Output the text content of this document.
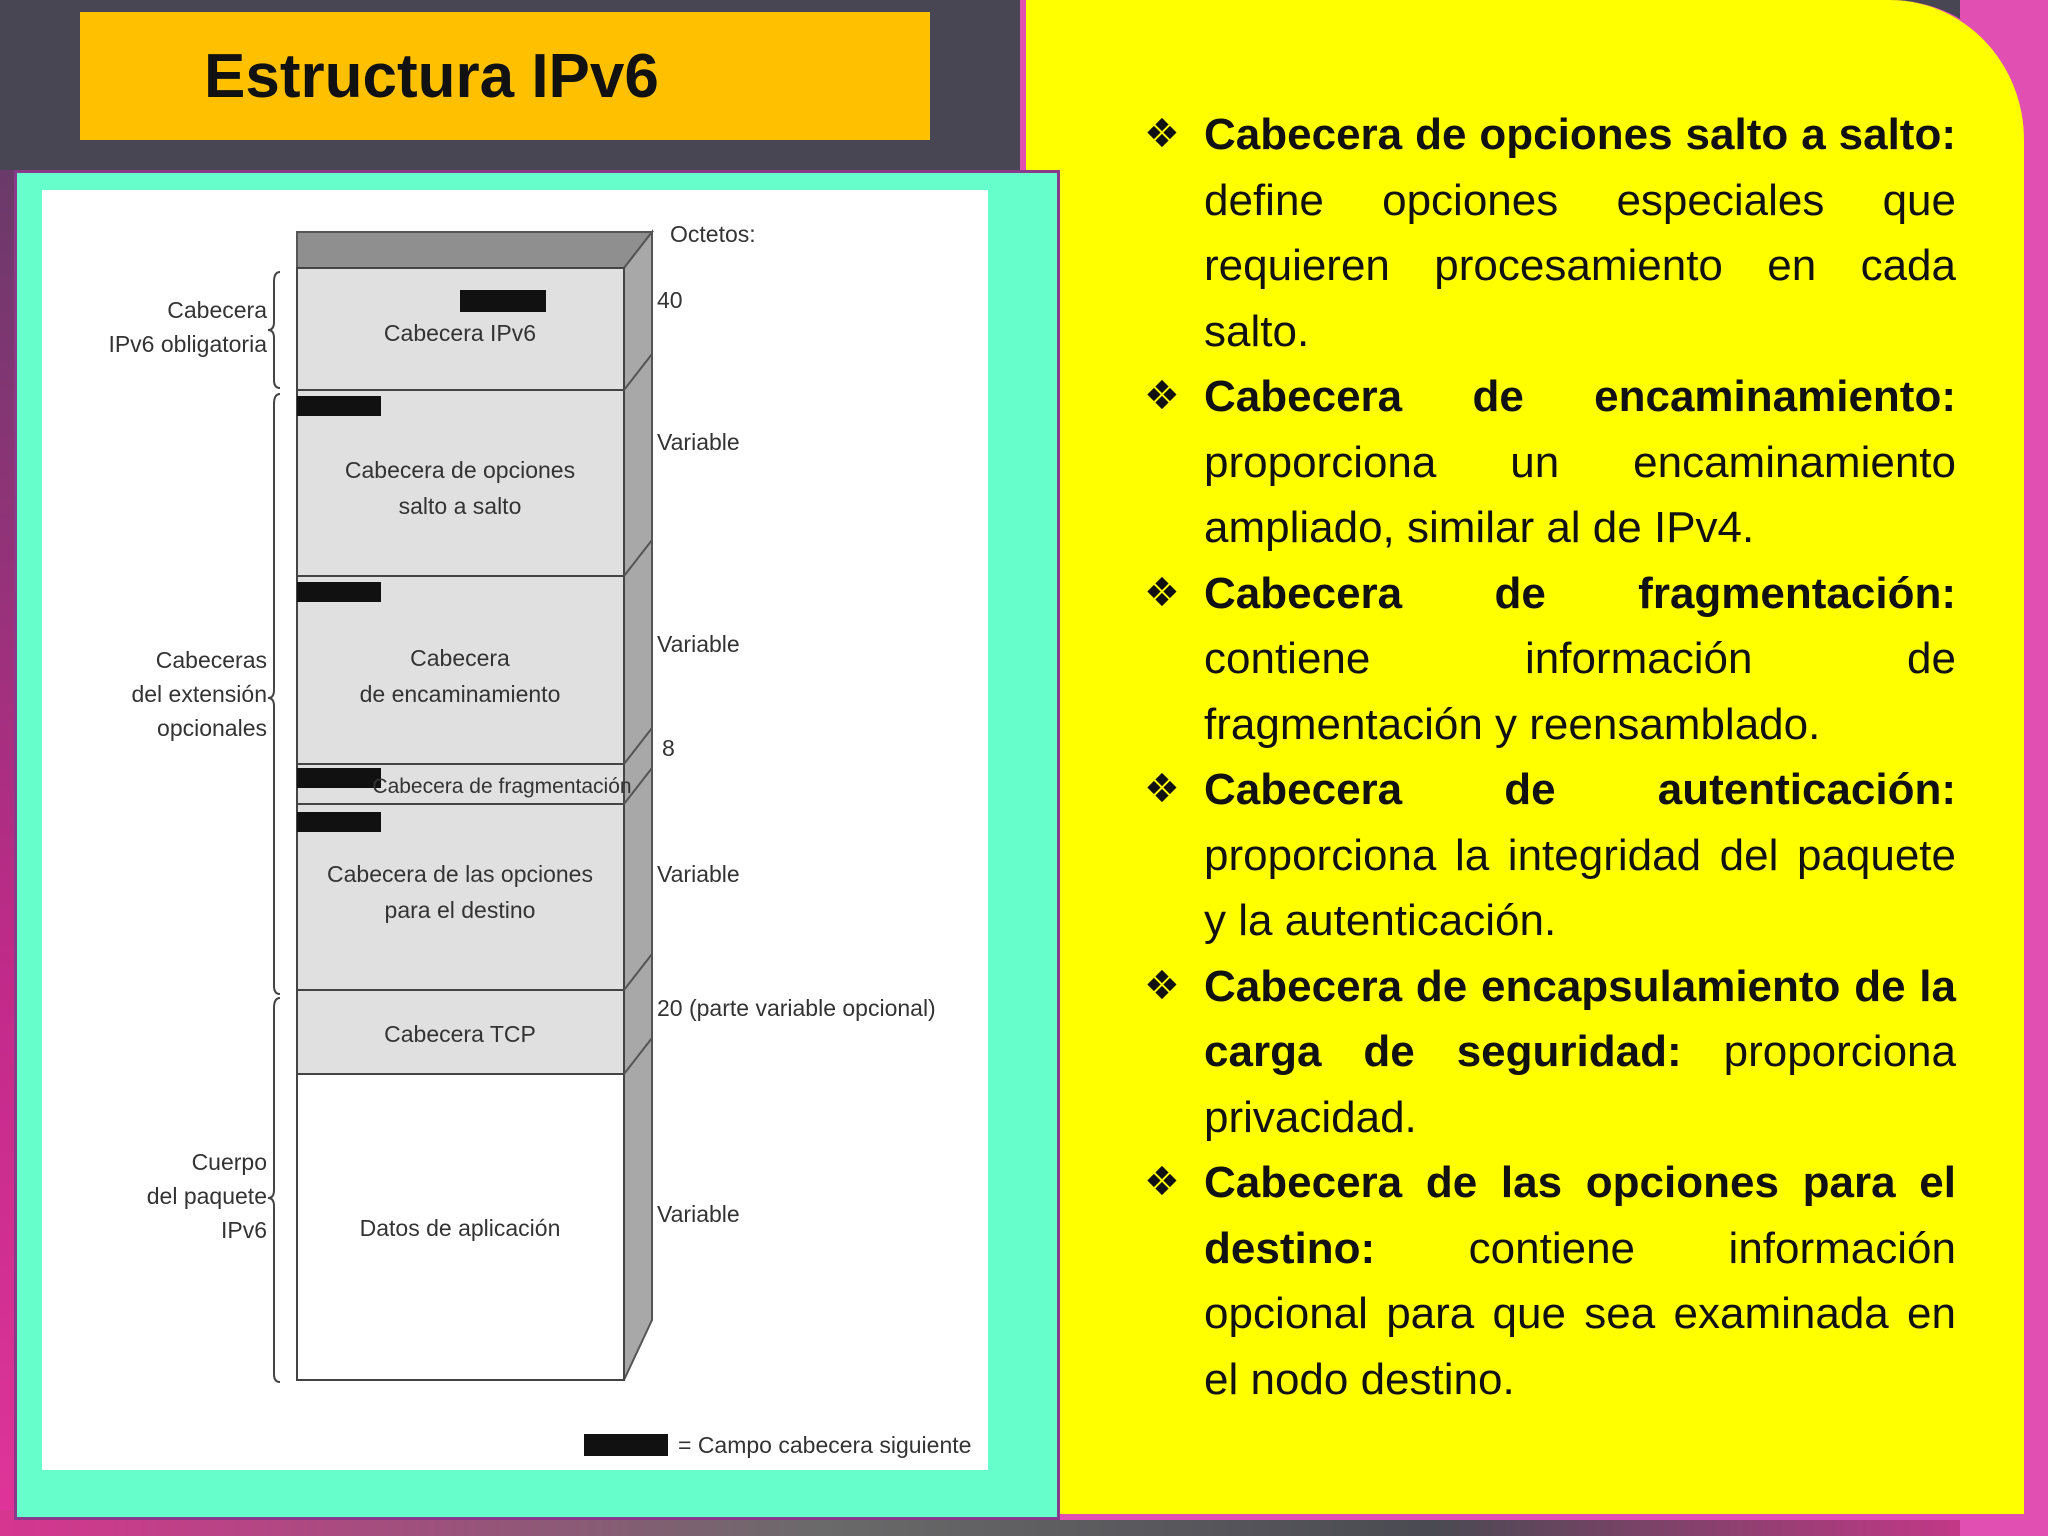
Estructura IPv6
❖ Cabecera de opciones salto a salto: define opciones especiales que requieren procesamiento en cada salto.
❖ Cabecera de encaminamiento: proporciona un encaminamiento ampliado, similar al de IPv4.
❖ Cabecera de fragmentación: contiene información de fragmentación y reensamblado.
❖ Cabecera de autenticación: proporciona la integridad del paquete y la autenticación.
❖ Cabecera de encapsulamiento de la carga de seguridad: proporciona privacidad.
❖ Cabecera de las opciones para el destino: contiene información opcional para que sea examinada en el nodo destino.
Cabecera IPv6
Cabecera de opciones
salto a salto
Cabecera
de encaminamiento
Cabecera de fragmentación
Cabecera de las opciones
para el destino
Cabecera TCP
Datos de aplicación
Octetos:
40
Variable
Variable
8
Variable
20 (parte variable opcional)
Variable
Cabecera
IPv6 obligatoria
Cabeceras
del extensión
opcionales
Cuerpo
del paquete
IPv6
= Campo cabecera siguiente
